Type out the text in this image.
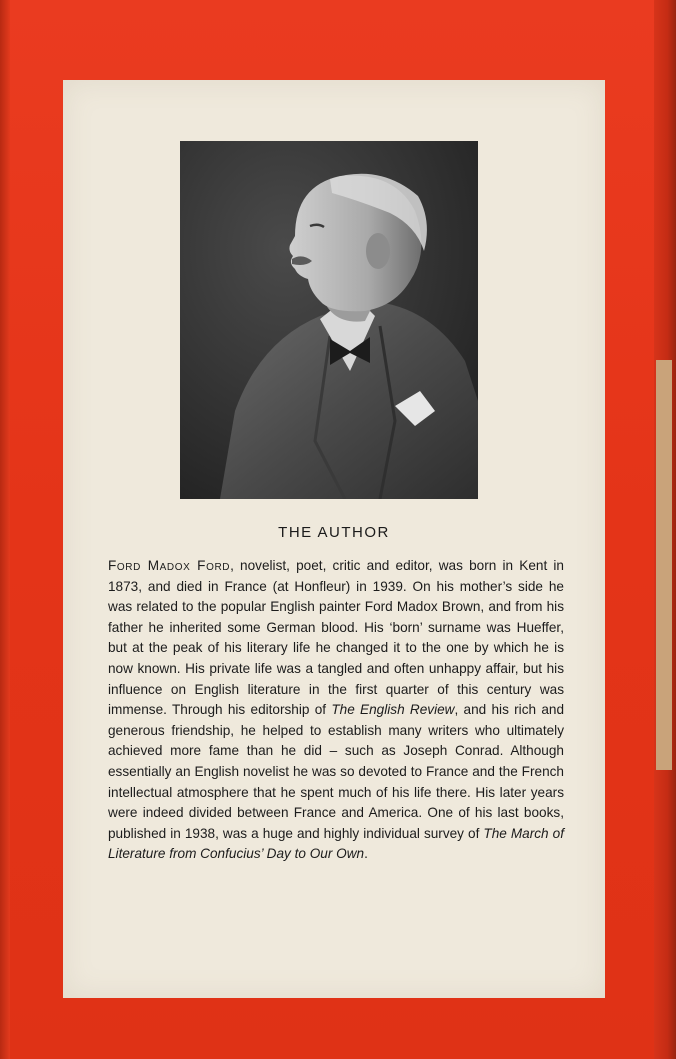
THE AUTHOR
Ford Madox Ford, novelist, poet, critic and editor, was born in Kent in 1873, and died in France (at Honfleur) in 1939. On his mother’s side he was related to the popular English painter Ford Madox Brown, and from his father he inherited some German blood. His ‘born’ surname was Hueffer, but at the peak of his literary life he changed it to the one by which he is now known. His private life was a tangled and often unhappy affair, but his influence on English literature in the first quarter of this century was immense. Through his editorship of The English Review, and his rich and generous friendship, he helped to establish many writers who ultimately achieved more fame than he did – such as Joseph Conrad. Although essentially an English novelist he was so devoted to France and the French intellectual atmosphere that he spent much of his life there. His later years were indeed divided between France and America. One of his last books, published in 1938, was a huge and highly individual survey of The March of Literature from Confucius’ Day to Our Own.
